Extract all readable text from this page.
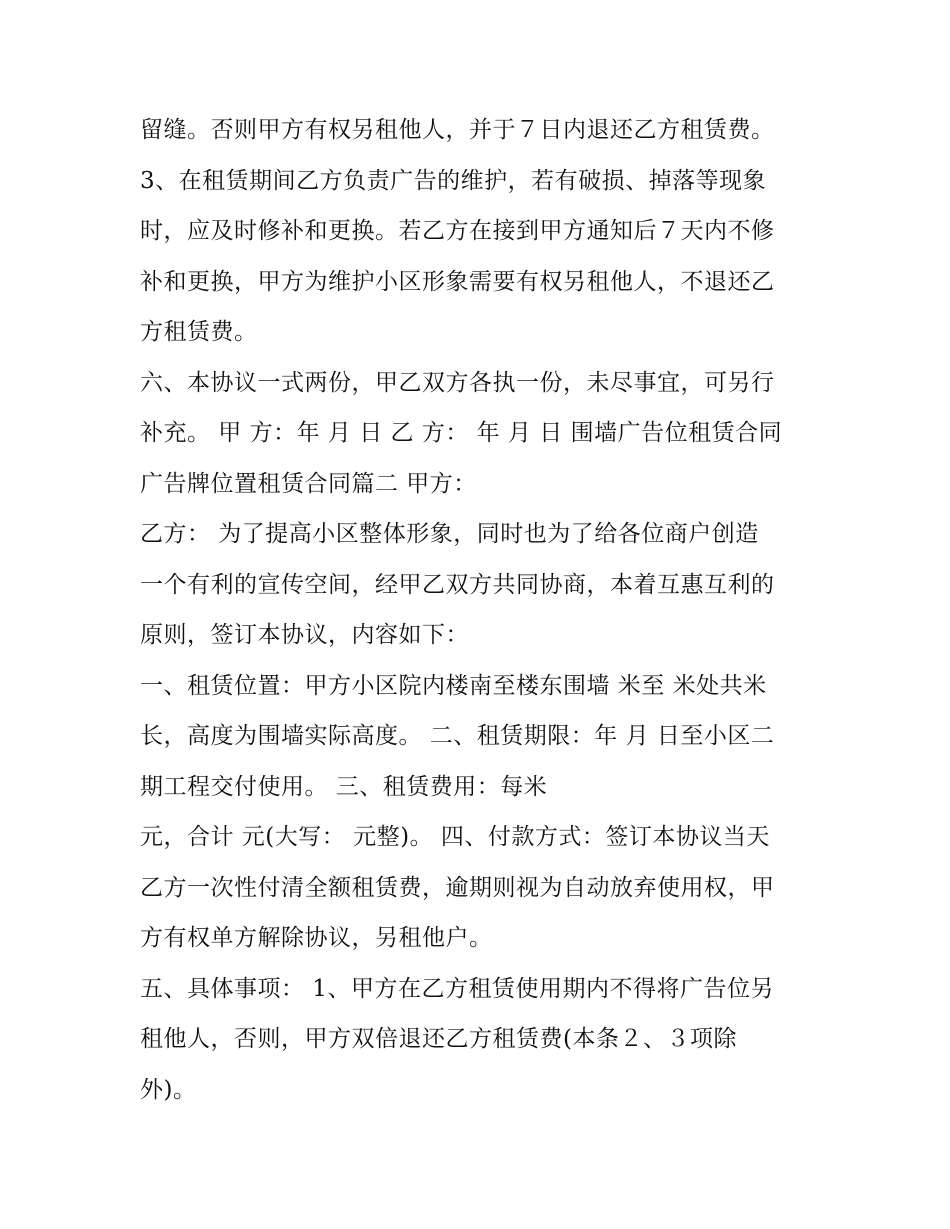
留缝。否则甲方有权另租他人，并于７日内退还乙方租赁费。
3、在租赁期间乙方负责广告的维护，若有破损、掉落等现象
时，应及时修补和更换。若乙方在接到甲方通知后７天内不修
补和更换，甲方为维护小区形象需要有权另租他人，不退还乙
方租赁费。
六、本协议一式两份，甲乙双方各执一份，未尽事宜，可另行
补充。 甲 方：年 月 日 乙 方： 年 月 日 围墙广告位租赁合同
广告牌位置租赁合同篇二 甲方：
乙方： 为了提高小区整体形象，同时也为了给各位商户创造
一个有利的宣传空间，经甲乙双方共同协商，本着互惠互利的
原则，签订本协议，内容如下：
一、租赁位置：甲方小区院内楼南至楼东围墙 米至 米处共米
长，高度为围墙实际高度。 二、租赁期限：年 月 日至小区二
期工程交付使用。 三、租赁费用：每米
元，合计 元(大写： 元整)。 四、付款方式：签订本协议当天
乙方一次性付清全额租赁费，逾期则视为自动放弃使用权，甲
方有权单方解除协议，另租他户。
五、具体事项： 1、甲方在乙方租赁使用期内不得将广告位另
租他人，否则，甲方双倍退还乙方租赁费(本条２、３项除
外)。
